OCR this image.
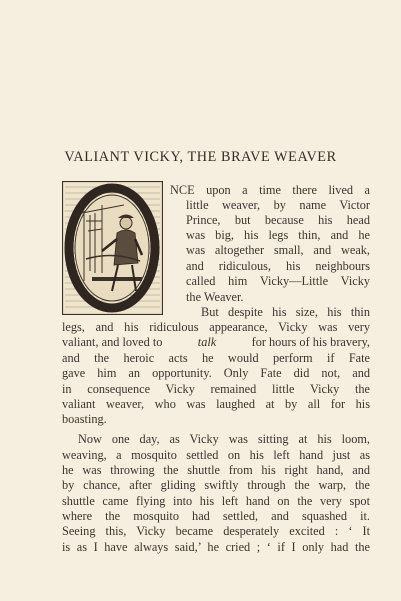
VALIANT VICKY, THE BRAVE WEAVER
NCE upon a time there lived a
little weaver, by name Victor
Prince, but because his head
was big, his legs thin, and he
was altogether small, and weak,
and ridiculous, his neighbours
called him Vicky—Little Vicky
the Weaver.
But despite his size, his thin
legs, and his ridiculous appearance, Vicky was very
valiant, and loved to	talk	for hours of his bravery,
and the heroic acts he would perform if Fate
gave him an opportunity. Only Fate did not, and
in consequence Vicky remained little Vicky the
valiant weaver, who was laughed at by all for his
boasting.
Now one day, as Vicky was sitting at his loom,
weaving, a mosquito settled on his left hand just as
he was throwing the shuttle from his right hand, and
by chance, after gliding swiftly through the warp, the
shuttle came flying into his left hand on the very spot
where the mosquito had settled, and squashed it.
Seeing this, Vicky became desperately excited : ‘ It
is as I have always said,’ he cried ; ‘ if I only had the
